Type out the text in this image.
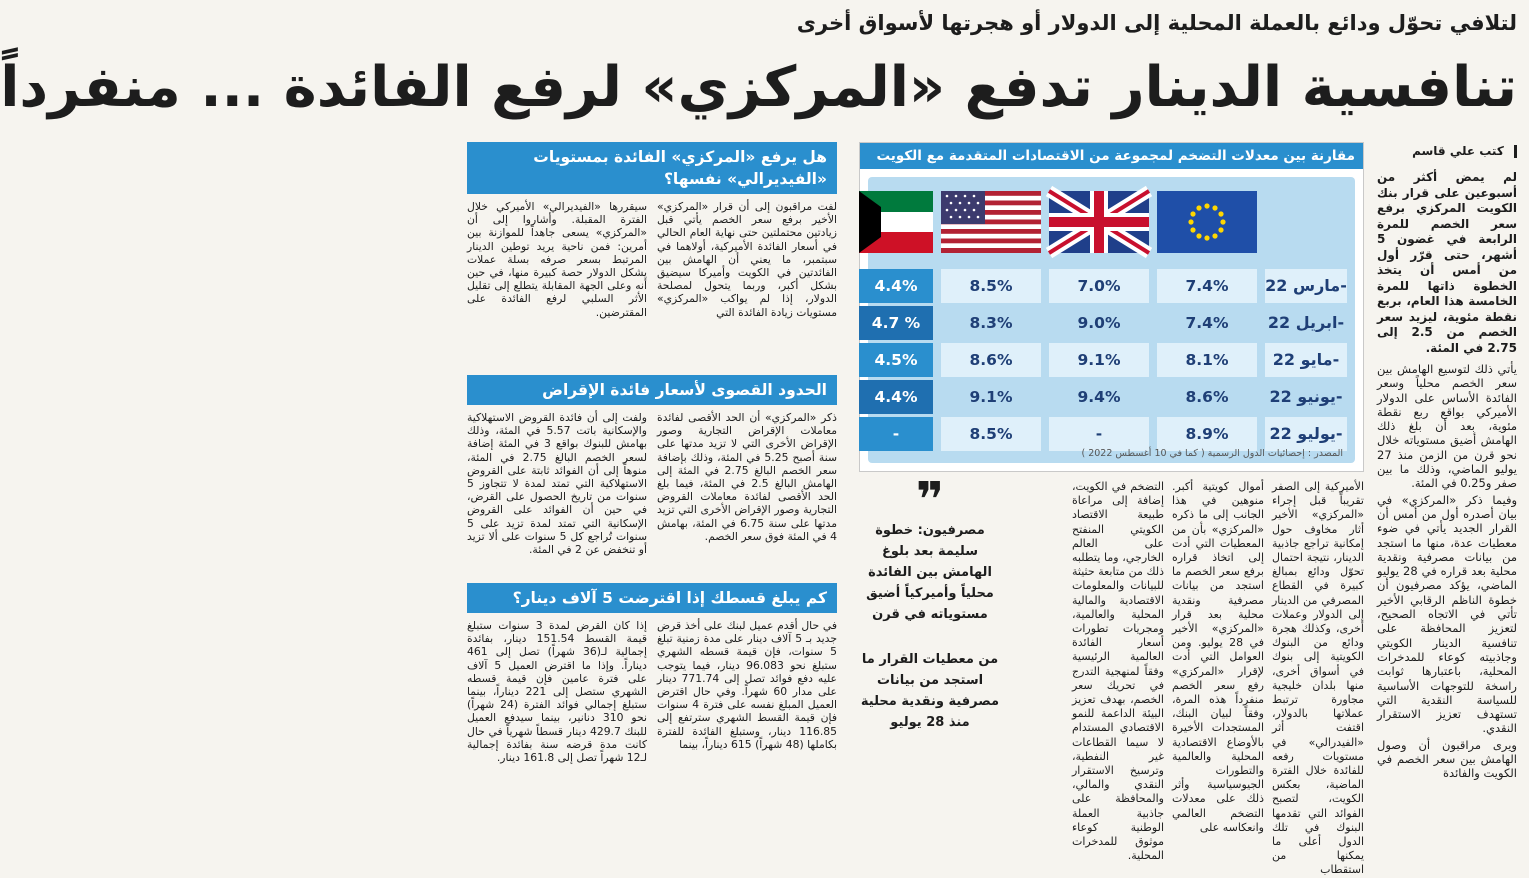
لتلافي تحوّل ودائع بالعملة المحلية إلى الدولار أو هجرتها لأسواق أخرى
تنافسية الدينار تدفع «المركزي» لرفع الفائدة ... منفرداً
كتب علي قاسم

لم يمض أكثر من أسبوعين على قرار بنك الكويت المركزي برفع سعر الخصم للمرة الرابعة في غضون 5 أشهر، حتى قرّر أول من أمس أن يتخذ الخطوة ذاتها للمرة الخامسة هذا العام، بربع نقطة مئوية، ليزيد سعر الخصم من 2.5 إلى 2.75 في المئة.

يأتي ذلك لتوسيع الهامش بين سعر الخصم محلياً وسعر الفائدة الأساس على الدولار الأميركي بواقع ربع نقطة مئوية، بعد أن بلغ ذلك الهامش أضيق مستوياته خلال نحو قرن من الزمن منذ 27 يوليو الماضي، وذلك ما بين صفر و0.25 في المئة.

وفيما ذكر «المركزي» في بيان أصدره أول من أمس أن القرار الجديد يأتي في ضوء معطيات عدة، منها ما استجد من بيانات مصرفية ونقدية محلية بعد قراره في 28 يوليو الماضي، يؤكد مصرفيون أن خطوة الناظم الرقابي الأخير تأتي في الاتجاه الصحيح، لتعزيز المحافظة على تنافسية الدينار الكويتي وجاذبيته كوعاء للمدخرات المحلية، باعتبارها ثوابت راسخة للتوجهات الأساسية للسياسة النقدية التي تستهدف تعزيز الاستقرار النقدي.

ويرى مراقبون أن وصول الهامش بين سعر الخصم في الكويت والفائدة

مقارنة بين معدلات التضخم لمجموعة من الاقتصادات المتقدمة مع الكويت
مارس 22-
7.4%
7.0%
8.5%
4.4%
ابريل 22-
7.4%
9.0%
8.3%
4.7 %
مايو 22-
8.1%
9.1%
8.6%
4.5%
يونيو 22-
8.6%
9.4%
9.1%
4.4%
يوليو 22-
8.9%
-
8.5%
-
المصدر : إحصائيات الدول الرسمية ( كما في 10 أغسطس 2022 )
الأميركية إلى الصفر تقريباً قبل إجراء «المركزي» الأخير أثار مخاوف حول إمكانية تراجع جاذبية الدينار، نتيجة احتمال تحوّل ودائع بمبالغ كبيرة في القطاع المصرفي من الدينار إلى الدولار وعملات أخرى، وكذلك هجرة ودائع من البنوك الكويتية إلى بنوك في أسواق أخرى، منها بلدان خليجية مجاورة ترتبط عملاتها بالدولار، اقتفت أثر «الفيدرالي» في مستويات رفعه للفائدة خلال الفترة الماضية، بعكس الكويت، لتصبح الفوائد التي تقدمها البنوك في تلك الدول أعلى ما يمكنها من استقطاب
أموال كويتية أكبر. منوهين في هذا الجانب إلى ما ذكره «المركزي» بأن من المعطيات التي أدت إلى اتخاذ قراره برفع سعر الخصم ما استجد من بيانات مصرفية ونقدية محلية بعد قرار «المركزي» الأخير في 28 يوليو. ومن العوامل التي أدت لإقرار «المركزي» رفع سعر الخصم منفرداً هذه المرة، وفقاً لبيان البنك، المستجدات الأخيرة بالأوضاع الاقتصادية المحلية والعالمية والتطورات الجيوسياسية وأثر ذلك على معدلات التضخم العالمي وانعكاسه على
التضخم في الكويت، إضافة إلى مراعاة طبيعة الاقتصاد الكويتي المنفتح على العالم الخارجي، وما يتطلبه ذلك من متابعة حثيثة للبيانات والمعلومات الاقتصادية والمالية المحلية والعالمية، ومجريات تطورات أسعار الفائدة العالمية الرئيسية وفقاً لمنهجية التدرج في تحريك سعر الخصم، بهدف تعزيز البيئة الداعمة للنمو الاقتصادي المستدام لا سيما القطاعات غير النفطية، وترسيخ الاستقرار النقدي والمالي، والمحافظة على جاذبية العملة الوطنية كوعاء موثوق للمدخرات المحلية.
❞
مصرفيون: خطوة سليمة بعد بلوغ الهامش بين الفائدة محلياً وأميركياً أضيق مستوياته في قرن
من معطيات القرار ما استجد من بيانات مصرفية ونقدية محلية منذ 28 يوليو
هل يرفع «المركزي» الفائدة بمستويات «الفيديرالي» نفسها؟
لفت مراقبون إلى أن قرار «المركزي» الأخير برفع سعر الخصم يأتي قبل زيادتين محتملتين حتى نهاية العام الحالي في أسعار الفائدة الأميركية، أولاهما في سبتمبر، ما يعني أن الهامش بين الفائدتين في الكويت وأميركا سيضيق بشكل أكبر، وربما يتحول لمصلحة الدولار، إذا لم يواكب «المركزي» مستويات زيادة الفائدة التي
سيقررها «الفيديرالي» الأميركي خلال الفترة المقبلة. وأشاروا إلى أن «المركزي» يسعى جاهداً للموازنة بين أمرين: فمن ناحية يريد توطين الدينار المرتبط بسعر صرفه بسلة عملات يشكل الدولار حصة كبيرة منها، في حين أنه وعلى الجهة المقابلة يتطلع إلى تقليل الأثر السلبي لرفع الفائدة على المقترضين.
الحدود القصوى لأسعار فائدة الإقراض
ذكر «المركزي» أن الحد الأقصى لفائدة معاملات الإقراض التجارية وصور الإقراض الأخرى التي لا تزيد مدتها على سنة أصبح 5.25 في المئة، وذلك بإضافة سعر الخصم البالغ 2.75 في المئة إلى الهامش البالغ 2.5 في المئة، فيما بلغ الحد الأقصى لفائدة معاملات القروض التجارية وصور الإقراض الأخرى التي تزيد مدتها على سنة 6.75 في المئة، بهامش 4 في المئة فوق سعر الخصم.
ولفت إلى أن فائدة القروض الاستهلاكية والإسكانية باتت 5.57 في المئة، وذلك بهامش للبنوك بواقع 3 في المئة إضافة لسعر الخصم البالغ 2.75 في المئة، منوهاً إلى أن الفوائد ثابتة على القروض الاستهلاكية التي تمتد لمدة لا تتجاوز 5 سنوات من تاريخ الحصول على القرض، في حين أن الفوائد على القروض الإسكانية التي تمتد لمدة تزيد على 5 سنوات تُراجع كل 5 سنوات على ألا تزيد أو تنخفض عن 2 في المئة.
كم يبلغ قسطك إذا اقترضت 5 آلاف دينار؟
في حال أقدم عميل لبنك على أخذ قرض جديد بـ 5 آلاف دينار على مدة زمنية تبلغ 5 سنوات، فإن قيمة قسطه الشهري ستبلغ نحو 96.083 دينار، فيما يتوجب عليه دفع فوائد تصل إلى 771.74 دينار على مدار 60 شهراً. وفي حال اقترض العميل المبلغ نفسه على فترة 4 سنوات فإن قيمة القسط الشهري سترتفع إلى 116.85 دينار، وستبلغ الفائدة للفترة بكاملها (48 شهراً) 615 ديناراً، بينما
إذا كان القرض لمدة 3 سنوات ستبلغ قيمة القسط 151.54 دينار، بفائدة إجمالية لـ(36 شهراً) تصل إلى 461 ديناراً. وإذا ما اقترض العميل 5 آلاف على فترة عامين فإن قيمة قسطه الشهري ستصل إلى 221 ديناراً، بينما ستبلغ إجمالي فوائد الفترة (24 شهراً) نحو 310 دنانير، بينما سيدفع العميل للبنك 429.7 دينار قسطاً شهرياً في حال كانت مدة قرضه سنة بفائدة إجمالية لـ12 شهراً تصل إلى 161.8 دينار.
